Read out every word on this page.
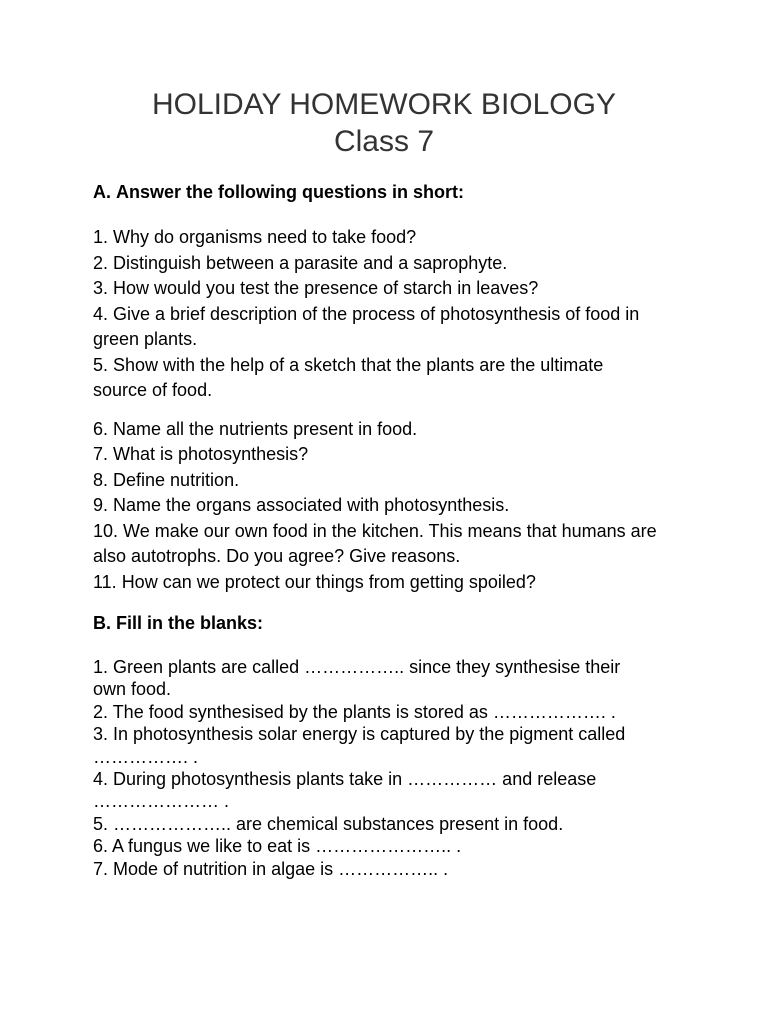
HOLIDAY HOMEWORK BIOLOGY
Class 7
A. Answer the following questions in short:

1. Why do organisms need to take food?

2. Distinguish between a parasite and a saprophyte.

3. How would you test the presence of starch in leaves?

4. Give a brief description of the process of photosynthesis of food in green plants.

5. Show with the help of a sketch that the plants are the ultimate source of food.

6. Name all the nutrients present in food.

7. What is photosynthesis?

8. Define nutrition.

9. Name the organs associated with photosynthesis.

10. We make our own food in the kitchen. This means that humans are also autotrophs. Do you agree? Give reasons.

11. How can we protect our things from getting spoiled?

B. Fill in the blanks:

1. Green plants are called …………….. since they synthesise their own food.

2. The food synthesised by the plants is stored as ………………. .

3. In photosynthesis solar energy is captured by the pigment called ……………. .

4. During photosynthesis plants take in …………… and release ………………… .

5. ……………….. are chemical substances present in food.

6. A fungus we like to eat is ………………….. .

7. Mode of nutrition in algae is …………….. .
